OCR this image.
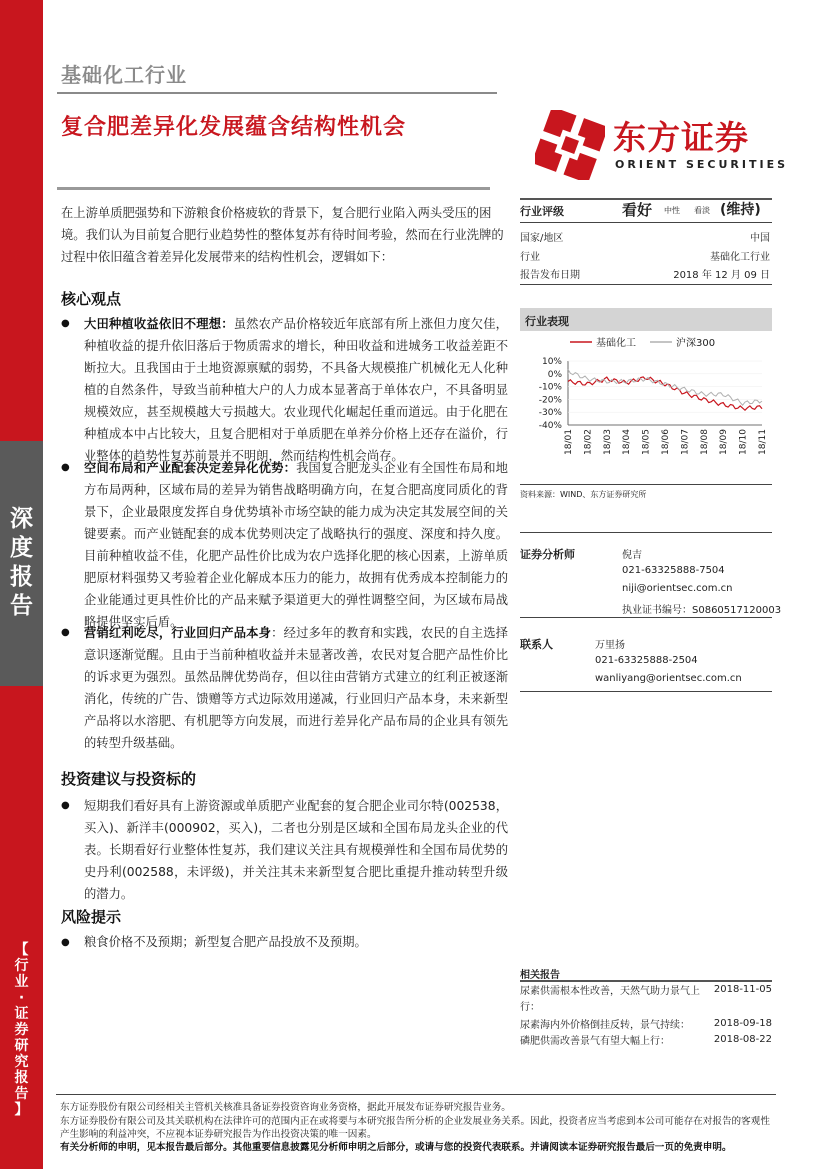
深
度
报
告
【
行
业
·
证
券
研
究
报
告
】
基础化工行业
复合肥差异化发展蕴含结构性机会	东方证券
ORIENT SECURITIES
在上游单质肥强势和下游粮食价格疲软的背景下，复合肥行业陷入两头受压的困境。我们认为目前复合肥行业趋势性的整体复苏有待时间考验，然而在行业洗牌的过程中依旧蕴含着差异化发展带来的结构性机会，逻辑如下：
核心观点
● 大田种植收益依旧不理想：虽然农产品价格较近年底部有所上涨但力度欠佳，种植收益的提升依旧落后于物质需求的增长，种田收益和进城务工收益差距不断拉大。且我国由于土地资源禀赋的弱势，不具备大规模推广机械化无人化种植的自然条件，导致当前种植大户的人力成本显著高于单体农户，不具备明显规模效应，甚至规模越大亏损越大。农业现代化崛起任重而道远。由于化肥在种植成本中占比较大，且复合肥相对于单质肥在单养分价格上还存在溢价，行业整体的趋势性复苏前景并不明朗，然而结构性机会尚存。
● 空间布局和产业配套决定差异化优势：我国复合肥龙头企业有全国性布局和地方布局两种，区域布局的差异为销售战略明确方向，在复合肥高度同质化的背景下，企业最限度发挥自身优势填补市场空缺的能力成为决定其发展空间的关键要素。而产业链配套的成本优势则决定了战略执行的强度、深度和持久度。目前种植收益不佳，化肥产品性价比成为农户选择化肥的核心因素，上游单质肥原材料强势又考验着企业化解成本压力的能力，故拥有优秀成本控制能力的企业能通过更具性价比的产品来赋予渠道更大的弹性调整空间，为区域布局战略提供坚实后盾。
● 营销红利吃尽，行业回归产品本身：经过多年的教育和实践，农民的自主选择意识逐渐觉醒。且由于当前种植收益并未显著改善，农民对复合肥产品性价比的诉求更为强烈。虽然品牌优势尚存，但以往由营销方式建立的红利正被逐渐消化，传统的广告、馈赠等方式边际效用递减，行业回归产品本身，未来新型产品将以水溶肥、有机肥等方向发展，而进行差异化产品布局的企业具有领先的转型升级基础。
投资建议与投资标的
● 短期我们看好具有上游资源或单质肥产业配套的复合肥企业司尔特(002538，买入)、新洋丰(000902，买入)，二者也分别是区域和全国布局龙头企业的代表。长期看好行业整体性复苏，我们建议关注具有规模弹性和全国布局优势的史丹利(002588，未评级)，并关注其未来新型复合肥比重提升推动转型升级的潜力。
风险提示
● 粮食价格不及预期；新型复合肥产品投放不及预期。
行业评级	看好 中性 看淡 (维持)
国家/地区	中国
行业	基础化工行业
报告发布日期	2018 年 12 月 09 日
行业表现
基础化工	沪深300
10%
0%
-10%
-20%
-30%
-40%
18/01 18/02 18/03 18/04 18/05 18/06 18/07 18/08 18/09 18/10 18/11
资料来源：WIND、东方证券研究所
证券分析师	倪吉
021-63325888-7504
niji@orientsec.com.cn
执业证书编号：S0860517120003
联系人	万里扬
021-63325888-2504
wanliyang@orientsec.com.cn
相关报告
尿素供需根本性改善，天然气助力景气上行：
2018-11-05
尿素海内外价格倒挂反转，景气持续：	2018-09-18
磷肥供需改善景气有望大幅上行：	2018-08-22
东方证券股份有限公司经相关主管机关核准具备证券投资咨询业务资格，据此开展发布证券研究报告业务。
东方证券股份有限公司及其关联机构在法律许可的范围内正在或将要与本研究报告所分析的企业发展业务关系。因此，投资者应当考虑到本公司可能存在对报告的客观性
产生影响的利益冲突，不应视本证券研究报告为作出投资决策的唯一因素。
有关分析师的申明，见本报告最后部分。其他重要信息披露见分析师申明之后部分，或请与您的投资代表联系。并请阅读本证券研究报告最后一页的免责申明。
